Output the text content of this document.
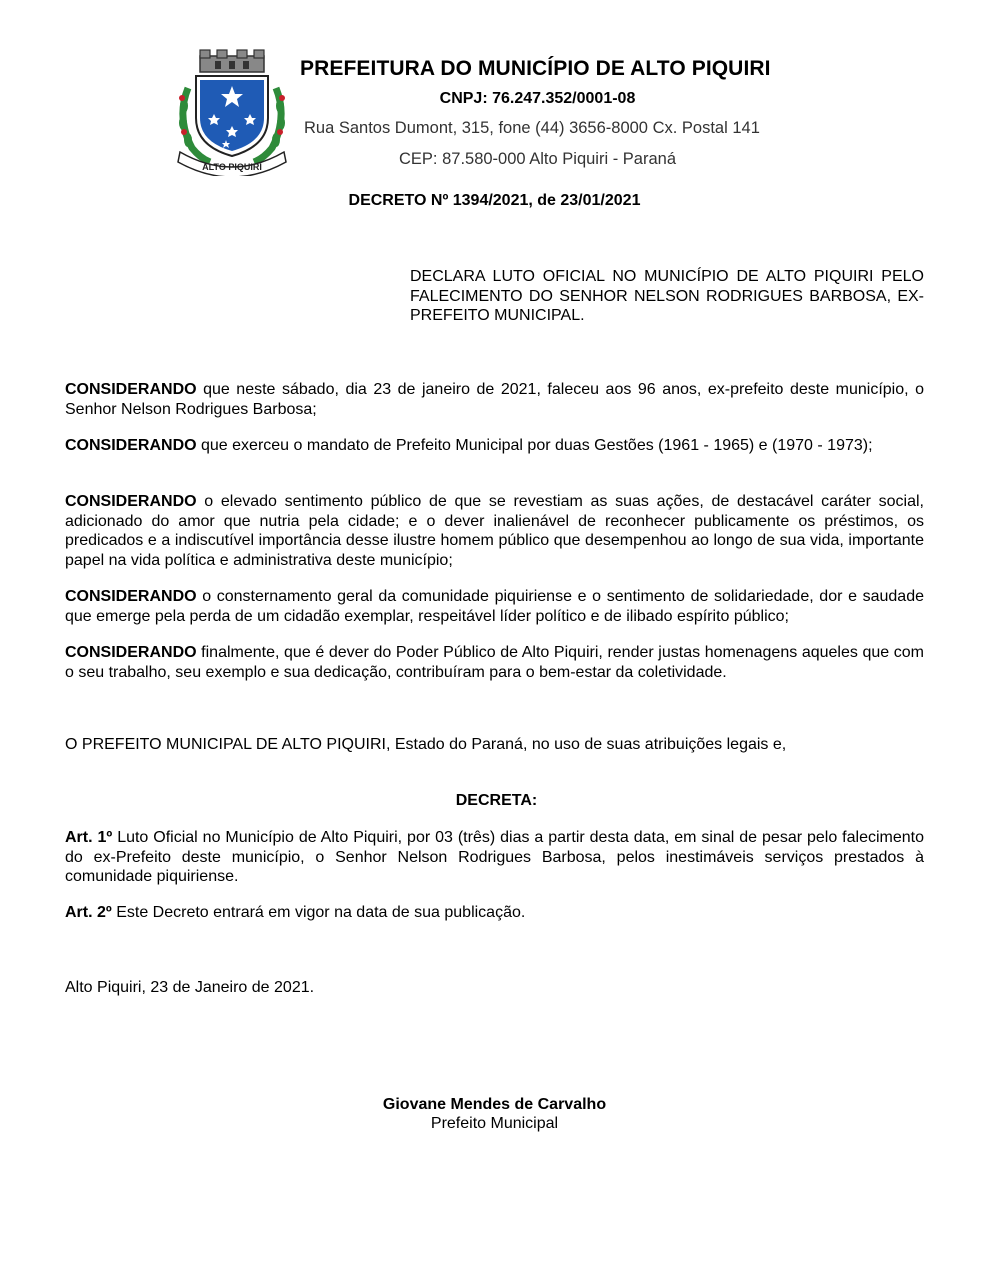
ALTO PIQUIRI
PREFEITURA DO MUNICÍPIO DE ALTO PIQUIRI
CNPJ: 76.247.352/0001-08
Rua Santos Dumont, 315, fone (44) 3656-8000 Cx. Postal 141
CEP: 87.580-000 Alto Piquiri - Paraná
DECRETO Nº 1394/2021, de 23/01/2021
DECLARA LUTO OFICIAL NO MUNICÍPIO DE ALTO PIQUIRI PELO FALECIMENTO DO SENHOR NELSON RODRIGUES BARBOSA, EX-PREFEITO MUNICIPAL.
CONSIDERANDO que neste sábado, dia 23 de janeiro de 2021, faleceu aos 96 anos, ex-prefeito deste município, o Senhor Nelson Rodrigues Barbosa;
CONSIDERANDO que exerceu o mandato de Prefeito Municipal por duas Gestões (1961 - 1965) e (1970 - 1973);
CONSIDERANDO o elevado sentimento público de que se revestiam as suas ações, de destacável caráter social, adicionado do amor que nutria pela cidade; e o dever inalienável de reconhecer publicamente os préstimos, os predicados e a indiscutível importância desse ilustre homem público que desempenhou ao longo de sua vida, importante papel na vida política e administrativa deste município;
CONSIDERANDO o consternamento geral da comunidade piquiriense e o sentimento de solidariedade, dor e saudade que emerge pela perda de um cidadão exemplar, respeitável líder político e de ilibado espírito público;
CONSIDERANDO finalmente, que é dever do Poder Público de Alto Piquiri, render justas homenagens aqueles que com o seu trabalho, seu exemplo e sua dedicação, contribuíram para o bem-estar da coletividade.
O PREFEITO MUNICIPAL DE ALTO PIQUIRI, Estado do Paraná, no uso de suas atribuições legais e,
DECRETA:
Art. 1º Luto Oficial no Município de Alto Piquiri, por 03 (três) dias a partir desta data, em sinal de pesar pelo falecimento do ex-Prefeito deste município, o Senhor Nelson Rodrigues Barbosa, pelos inestimáveis serviços prestados à comunidade piquiriense.
Art. 2º Este Decreto entrará em vigor na data de sua publicação.
Alto Piquiri, 23 de Janeiro de 2021.
Giovane Mendes de Carvalho
Prefeito Municipal
